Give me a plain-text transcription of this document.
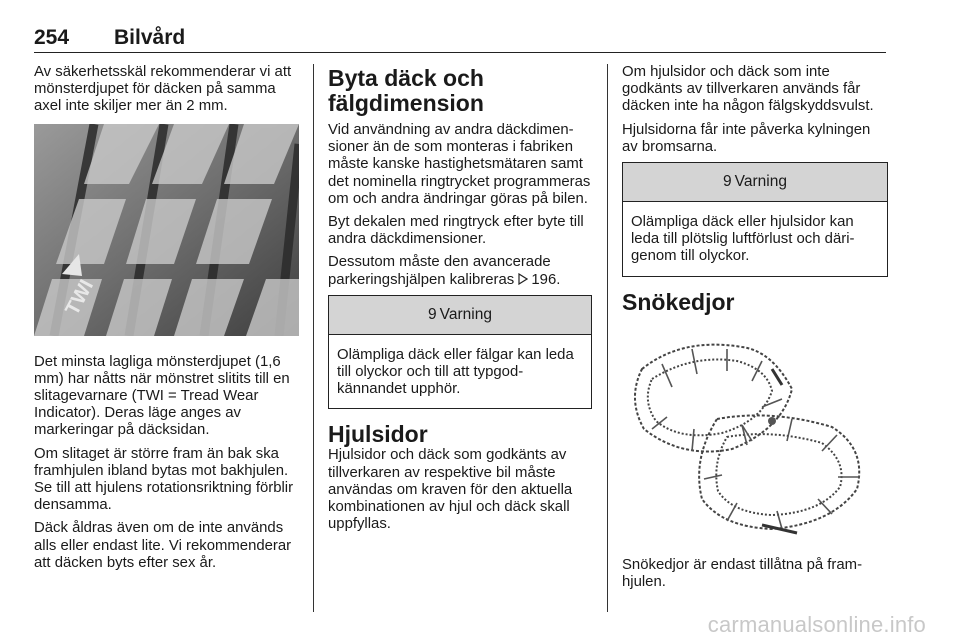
254 Bilvård

Av säkerhetsskäl rekommenderar vi att mönsterdjupet för däcken på samma axel inte skiljer mer än 2 mm.

TWI

Det minsta lagliga mönsterdjupet (1,6 mm) har nåtts när mönstret slitits till en slitagevarnare (TWI = Tread Wear Indicator). Deras läge anges av markeringar på däcksidan.

Om slitaget är större fram än bak ska framhjulen ibland bytas mot bakhjulen. Se till att hjulens rotationsriktning förblir densamma.

Däck åldras även om de inte används alls eller endast lite. Vi rekommenderar att däcken byts efter sex år.

Byta däck och fälgdimension

Vid användning av andra däckdimensioner än de som monteras i fabriken måste kanske hastighetsmätaren samt det nominella ringtrycket programmeras om och andra ändringar göras på bilen.

Byt dekalen med ringtryck efter byte till andra däckdimensioner.

Dessutom måste den avancerade parkeringshjälpen kalibreras 196.

9 Varning
Olämpliga däck eller fälgar kan leda till olyckor och till att typgodkännandet upphör.
Hjulsidor

Hjulsidor och däck som godkänts av tillverkaren av respektive bil måste användas om kraven för den aktuella kombinationen av hjul och däck skall uppfyllas.

Om hjulsidor och däck som inte godkänts av tillverkaren används får däcken inte ha någon fälgskyddsvulst.

Hjulsidorna får inte påverka kylningen av bromsarna.

9 Varning
Olämpliga däck eller hjulsidor kan leda till plötslig luftförlust och därigenom till olyckor.
Snökedjor

Snökedjor är endast tillåtna på framhjulen.

carmanualsonline.info
